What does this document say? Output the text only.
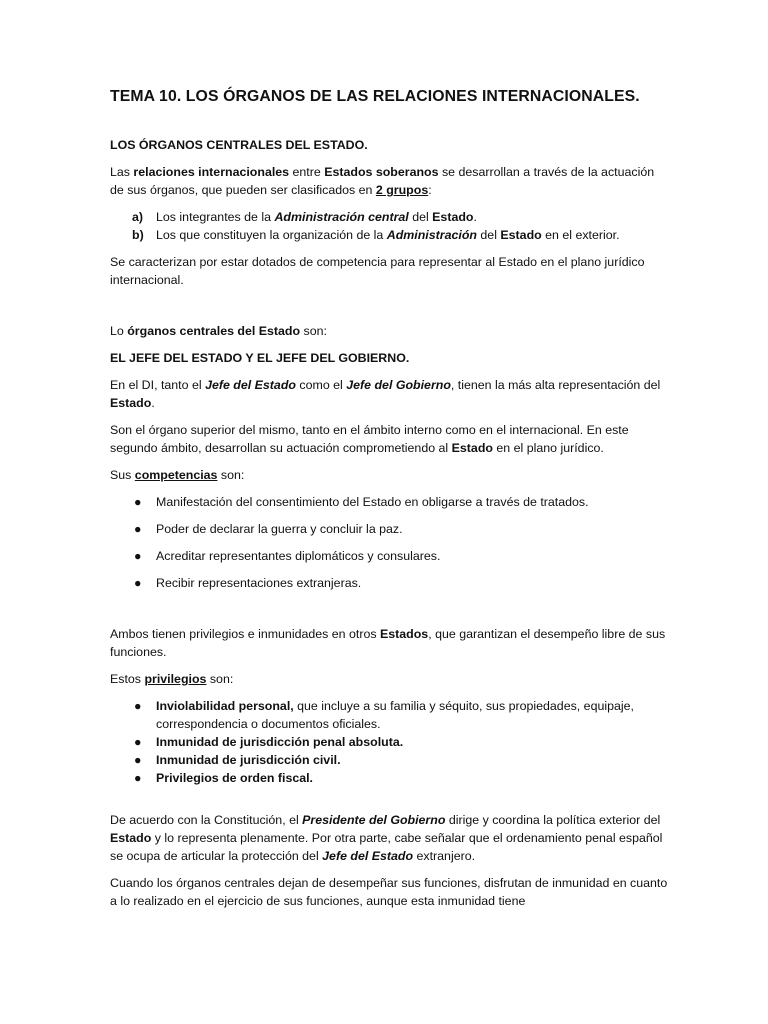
TEMA 10. LOS ÓRGANOS DE LAS RELACIONES INTERNACIONALES.
LOS ÓRGANOS CENTRALES DEL ESTADO.

Las relaciones internacionales entre Estados soberanos se desarrollan a través de la actuación de sus órganos, que pueden ser clasificados en 2 grupos:

a) Los integrantes de la Administración central del Estado.
b) Los que constituyen la organización de la Administración del Estado en el exterior.

Se caracterizan por estar dotados de competencia para representar al Estado en el plano jurídico internacional.

Lo órganos centrales del Estado son:

EL JEFE DEL ESTADO Y EL JEFE DEL GOBIERNO.

En el DI, tanto el Jefe del Estado como el Jefe del Gobierno, tienen la más alta representación del Estado.

Son el órgano superior del mismo, tanto en el ámbito interno como en el internacional. En este segundo ámbito, desarrollan su actuación comprometiendo al Estado en el plano jurídico.

Sus competencias son:

● Manifestación del consentimiento del Estado en obligarse a través de tratados.
● Poder de declarar la guerra y concluir la paz.
● Acreditar representantes diplomáticos y consulares.
● Recibir representaciones extranjeras.

Ambos tienen privilegios e inmunidades en otros Estados, que garantizan el desempeño libre de sus funciones.

Estos privilegios son:

● Inviolabilidad personal, que incluye a su familia y séquito, sus propiedades, equipaje, correspondencia o documentos oficiales.
● Inmunidad de jurisdicción penal absoluta.
● Inmunidad de jurisdicción civil.
● Privilegios de orden fiscal.

De acuerdo con la Constitución, el Presidente del Gobierno dirige y coordina la política exterior del Estado y lo representa plenamente. Por otra parte, cabe señalar que el ordenamiento penal español se ocupa de articular la protección del Jefe del Estado extranjero.

Cuando los órganos centrales dejan de desempeñar sus funciones, disfrutan de inmunidad en cuanto a lo realizado en el ejercicio de sus funciones, aunque esta inmunidad tiene
